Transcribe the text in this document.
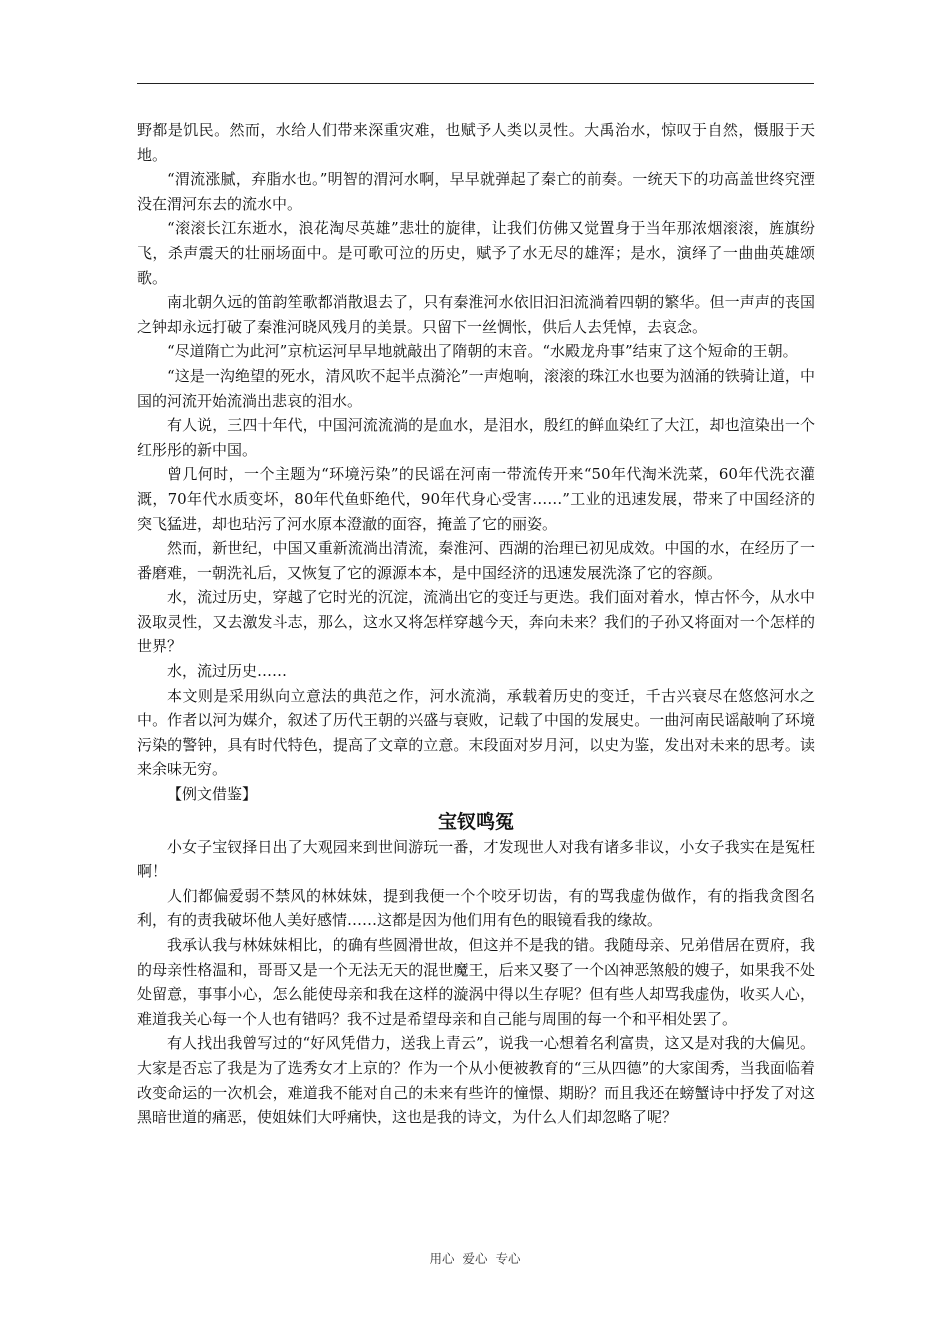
野都是饥民。然而，水给人们带来深重灾难，也赋予人类以灵性。大禹治水，惊叹于自然，慑服于天地。

“渭流涨腻，弃脂水也。”明智的渭河水啊，早早就弹起了秦亡的前奏。一统天下的功高盖世终究湮没在渭河东去的流水中。

“滚滚长江东逝水，浪花淘尽英雄”悲壮的旋律，让我们仿佛又觉置身于当年那浓烟滚滚，旌旗纷飞，杀声震天的壮丽场面中。是可歌可泣的历史，赋予了水无尽的雄浑；是水，演绎了一曲曲英雄颂歌。

南北朝久远的笛韵笙歌都消散退去了，只有秦淮河水依旧汩汩流淌着四朝的繁华。但一声声的丧国之钟却永远打破了秦淮河晓风残月的美景。只留下一丝惆怅，供后人去凭悼，去哀念。

“尽道隋亡为此河”京杭运河早早地就敲出了隋朝的末音。“水殿龙舟事”结束了这个短命的王朝。

“这是一沟绝望的死水，清风吹不起半点漪沦”一声炮响，滚滚的珠江水也要为汹涌的铁骑让道，中国的河流开始流淌出悲哀的泪水。

有人说，三四十年代，中国河流流淌的是血水，是泪水，殷红的鲜血染红了大江，却也渲染出一个红彤彤的新中国。

曾几何时，一个主题为“环境污染”的民谣在河南一带流传开来“50年代淘米洗菜，60年代洗衣灌溉，70年代水质变坏，80年代鱼虾绝代，90年代身心受害……”工业的迅速发展，带来了中国经济的突飞猛进，却也玷污了河水原本澄澈的面容，掩盖了它的丽姿。

然而，新世纪，中国又重新流淌出清流，秦淮河、西湖的治理已初见成效。中国的水，在经历了一番磨难，一朝洗礼后，又恢复了它的源源本本，是中国经济的迅速发展洗涤了它的容颜。

水，流过历史，穿越了它时光的沉淀，流淌出它的变迁与更迭。我们面对着水，悼古怀今，从水中汲取灵性，又去激发斗志，那么，这水又将怎样穿越今天，奔向未来？我们的子孙又将面对一个怎样的世界？

水，流过历史……

本文则是采用纵向立意法的典范之作，河水流淌，承载着历史的变迁，千古兴衰尽在悠悠河水之中。作者以河为媒介，叙述了历代王朝的兴盛与衰败，记载了中国的发展史。一曲河南民谣敲响了环境污染的警钟，具有时代特色，提高了文章的立意。末段面对岁月河，以史为鉴，发出对未来的思考。读来余味无穷。

【例文借鉴】

宝钗鸣冤

小女子宝钗择日出了大观园来到世间游玩一番，才发现世人对我有诸多非议，小女子我实在是冤枉啊！

人们都偏爱弱不禁风的林妹妹，提到我便一个个咬牙切齿，有的骂我虚伪做作，有的指我贪图名利，有的责我破坏他人美好感情……这都是因为他们用有色的眼镜看我的缘故。

我承认我与林妹妹相比，的确有些圆滑世故，但这并不是我的错。我随母亲、兄弟借居在贾府，我的母亲性格温和，哥哥又是一个无法无天的混世魔王，后来又娶了一个凶神恶煞般的嫂子，如果我不处处留意，事事小心，怎么能使母亲和我在这样的漩涡中得以生存呢？但有些人却骂我虚伪，收买人心，难道我关心每一个人也有错吗？我不过是希望母亲和自己能与周围的每一个和平相处罢了。

有人找出我曾写过的“好风凭借力，送我上青云”，说我一心想着名利富贵，这又是对我的大偏见。大家是否忘了我是为了选秀女才上京的？作为一个从小便被教育的“三从四德”的大家闺秀，当我面临着改变命运的一次机会，难道我不能对自己的未来有些许的憧憬、期盼？而且我还在螃蟹诗中抒发了对这黑暗世道的痛恶，使姐妹们大呼痛快，这也是我的诗文，为什么人们却忽略了呢？

用心 爱心 专心
